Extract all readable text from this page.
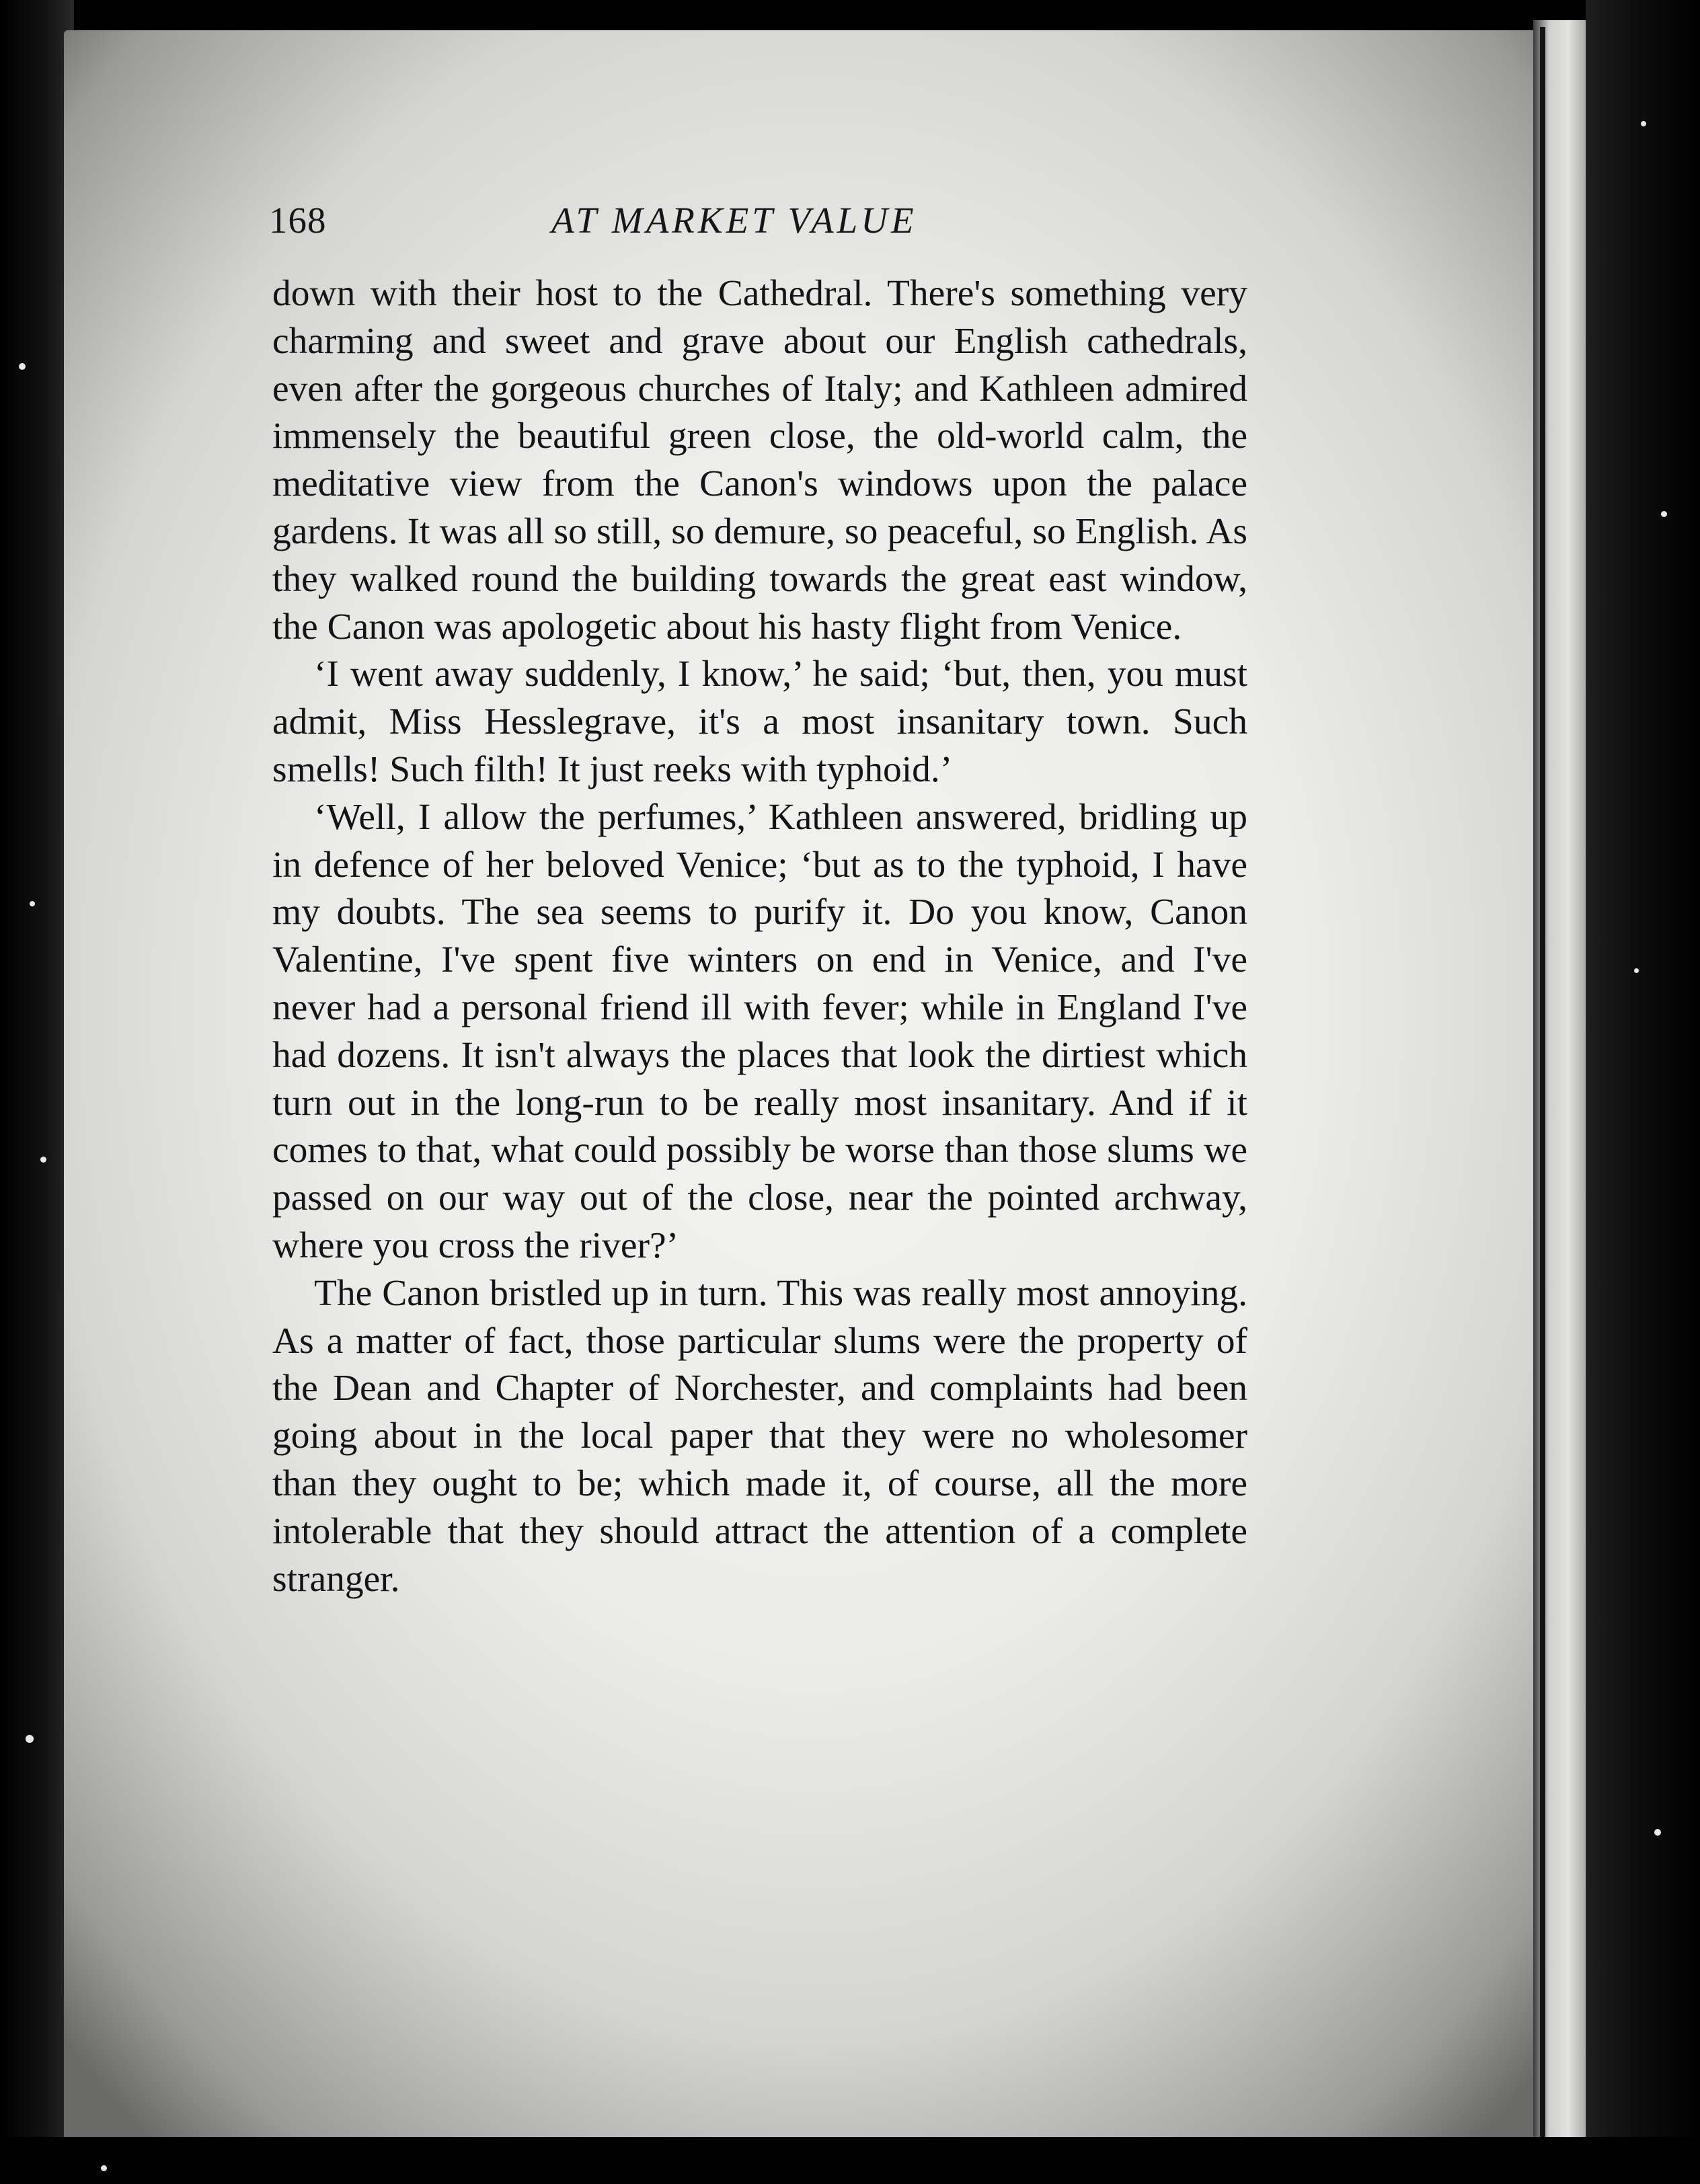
168	AT MARKET VALUE

down with their host to the Cathedral. There's something very charming and sweet and grave about our English cathedrals, even after the gorgeous churches of Italy; and Kathleen admired immensely the beautiful green close, the old-world calm, the meditative view from the Canon's windows upon the palace gardens. It was all so still, so demure, so peaceful, so English. As they walked round the building towards the great east window, the Canon was apologetic about his hasty flight from Venice.

‘I went away suddenly, I know,’ he said; ‘but, then, you must admit, Miss Hesslegrave, it's a most insanitary town. Such smells! Such filth! It just reeks with typhoid.’

‘Well, I allow the perfumes,’ Kathleen answered, bridling up in defence of her beloved Venice; ‘but as to the typhoid, I have my doubts. The sea seems to purify it. Do you know, Canon Valentine, I've spent five winters on end in Venice, and I've never had a personal friend ill with fever; while in England I've had dozens. It isn't always the places that look the dirtiest which turn out in the long-run to be really most insanitary. And if it comes to that, what could possibly be worse than those slums we passed on our way out of the close, near the pointed archway, where you cross the river?’

The Canon bristled up in turn. This was really most annoying. As a matter of fact, those particular slums were the property of the Dean and Chapter of Norchester, and complaints had been going about in the local paper that they were no wholesomer than they ought to be; which made it, of course, all the more intolerable that they should attract the attention of a complete stranger.
